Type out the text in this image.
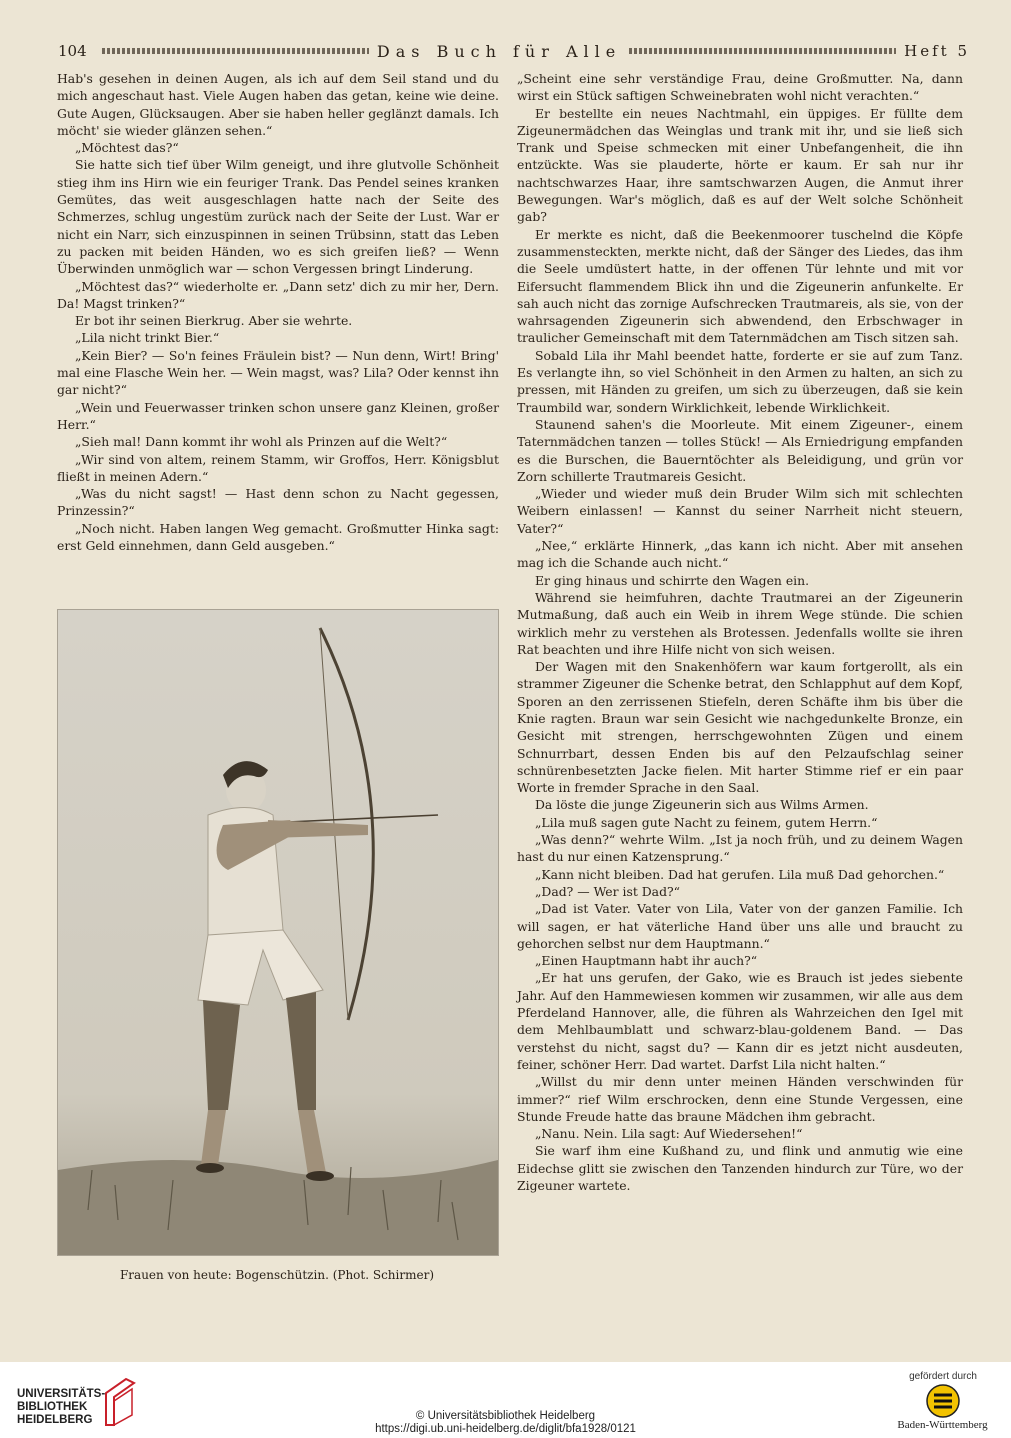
104	Das Buch für Alle	Heft 5

Hab's gesehen in deinen Augen, als ich auf dem Seil stand und du mich angeschaut hast. Viele Augen haben das getan, keine wie deine. Gute Augen, Glücksaugen. Aber sie haben heller geglänzt damals. Ich möcht' sie wieder glänzen sehen.“

„Möchtest das?“

Sie hatte sich tief über Wilm geneigt, und ihre glutvolle Schönheit stieg ihm ins Hirn wie ein feuriger Trank. Das Pendel seines kranken Gemütes, das weit ausgeschlagen hatte nach der Seite des Schmerzes, schlug ungestüm zurück nach der Seite der Lust. War er nicht ein Narr, sich einzuspinnen in seinen Trübsinn, statt das Leben zu packen mit beiden Händen, wo es sich greifen ließ? — Wenn Überwinden unmöglich war — schon Vergessen bringt Linderung.

„Möchtest das?“ wiederholte er. „Dann setz' dich zu mir her, Dern. Da! Magst trinken?“

Er bot ihr seinen Bierkrug. Aber sie wehrte.

„Lila nicht trinkt Bier.“

„Kein Bier? — So'n feines Fräulein bist? — Nun denn, Wirt! Bring' mal eine Flasche Wein her. — Wein magst, was? Lila? Oder kennst ihn gar nicht?“

„Wein und Feuerwasser trinken schon unsere ganz Kleinen, großer Herr.“

„Sieh mal! Dann kommt ihr wohl als Prinzen auf die Welt?“

„Wir sind von altem, reinem Stamm, wir Groffos, Herr. Königsblut fließt in meinen Adern.“

„Was du nicht sagst! — Hast denn schon zu Nacht gegessen, Prinzessin?“

„Noch nicht. Haben langen Weg gemacht. Großmutter Hinka sagt: erst Geld einnehmen, dann Geld ausgeben.“

Frauen von heute: Bogenschützin. (Phot. Schirmer)

„Scheint eine sehr verständige Frau, deine Großmutter. Na, dann wirst ein Stück saftigen Schweinebraten wohl nicht verachten.“

Er bestellte ein neues Nachtmahl, ein üppiges. Er füllte dem Zigeunermädchen das Weinglas und trank mit ihr, und sie ließ sich Trank und Speise schmecken mit einer Unbefangenheit, die ihn entzückte. Was sie plauderte, hörte er kaum. Er sah nur ihr nachtschwarzes Haar, ihre samtschwarzen Augen, die Anmut ihrer Bewegungen. War's möglich, daß es auf der Welt solche Schönheit gab?

Er merkte es nicht, daß die Beekenmoorer tuschelnd die Köpfe zusammensteckten, merkte nicht, daß der Sänger des Liedes, das ihm die Seele umdüstert hatte, in der offenen Tür lehnte und mit vor Eifersucht flammendem Blick ihn und die Zigeunerin anfunkelte. Er sah auch nicht das zornige Aufschrecken Trautmareis, als sie, von der wahrsagenden Zigeunerin sich abwendend, den Erbschwager in traulicher Gemeinschaft mit dem Taternmädchen am Tisch sitzen sah.

Sobald Lila ihr Mahl beendet hatte, forderte er sie auf zum Tanz. Es verlangte ihn, so viel Schönheit in den Armen zu halten, an sich zu pressen, mit Händen zu greifen, um sich zu überzeugen, daß sie kein Traumbild war, sondern Wirklichkeit, lebende Wirklichkeit.

Staunend sahen's die Moorleute. Mit einem Zigeuner-, einem Taternmädchen tanzen — tolles Stück! — Als Erniedrigung empfanden es die Burschen, die Bauerntöchter als Beleidigung, und grün vor Zorn schillerte Trautmareis Gesicht.

„Wieder und wieder muß dein Bruder Wilm sich mit schlechten Weibern einlassen! — Kannst du seiner Narrheit nicht steuern, Vater?“

„Nee,“ erklärte Hinnerk, „das kann ich nicht. Aber mit ansehen mag ich die Schande auch nicht.“

Er ging hinaus und schirrte den Wagen ein.

Während sie heimfuhren, dachte Trautmarei an der Zigeunerin Mutmaßung, daß auch ein Weib in ihrem Wege stünde. Die schien wirklich mehr zu verstehen als Brotessen. Jedenfalls wollte sie ihren Rat beachten und ihre Hilfe nicht von sich weisen.

Der Wagen mit den Snakenhöfern war kaum fortgerollt, als ein strammer Zigeuner die Schenke betrat, den Schlapphut auf dem Kopf, Sporen an den zerrissenen Stiefeln, deren Schäfte ihm bis über die Knie ragten. Braun war sein Gesicht wie nachgedunkelte Bronze, ein Gesicht mit strengen, herrschgewohnten Zügen und einem Schnurrbart, dessen Enden bis auf den Pelzaufschlag seiner schnürenbesetzten Jacke fielen. Mit harter Stimme rief er ein paar Worte in fremder Sprache in den Saal.

Da löste die junge Zigeunerin sich aus Wilms Armen.

„Lila muß sagen gute Nacht zu feinem, gutem Herrn.“

„Was denn?“ wehrte Wilm. „Ist ja noch früh, und zu deinem Wagen hast du nur einen Katzensprung.“

„Kann nicht bleiben. Dad hat gerufen. Lila muß Dad gehorchen.“

„Dad? — Wer ist Dad?“

„Dad ist Vater. Vater von Lila, Vater von der ganzen Familie. Ich will sagen, er hat väterliche Hand über uns alle und braucht zu gehorchen selbst nur dem Hauptmann.“

„Einen Hauptmann habt ihr auch?“

„Er hat uns gerufen, der Gako, wie es Brauch ist jedes siebente Jahr. Auf den Hammewiesen kommen wir zusammen, wir alle aus dem Pferdeland Hannover, alle, die führen als Wahrzeichen den Igel mit dem Mehlbaumblatt und schwarz-blau-goldenem Band. — Das verstehst du nicht, sagst du? — Kann dir es jetzt nicht ausdeuten, feiner, schöner Herr. Dad wartet. Darfst Lila nicht halten.“

„Willst du mir denn unter meinen Händen verschwinden für immer?“ rief Wilm erschrocken, denn eine Stunde Vergessen, eine Stunde Freude hatte das braune Mädchen ihm gebracht.

„Nanu. Nein. Lila sagt: Auf Wiedersehen!“

Sie warf ihm eine Kußhand zu, und flink und anmutig wie eine Eidechse glitt sie zwischen den Tanzenden hindurch zur Türe, wo der Zigeuner wartete.

UNIVERSITÄTS-
BIBLIOTHEK
HEIDELBERG	© Universitätsbibliothek Heidelberg
https://digi.ub.uni-heidelberg.de/diglit/bfa1928/0121
gefördert durch
Baden-Württemberg
